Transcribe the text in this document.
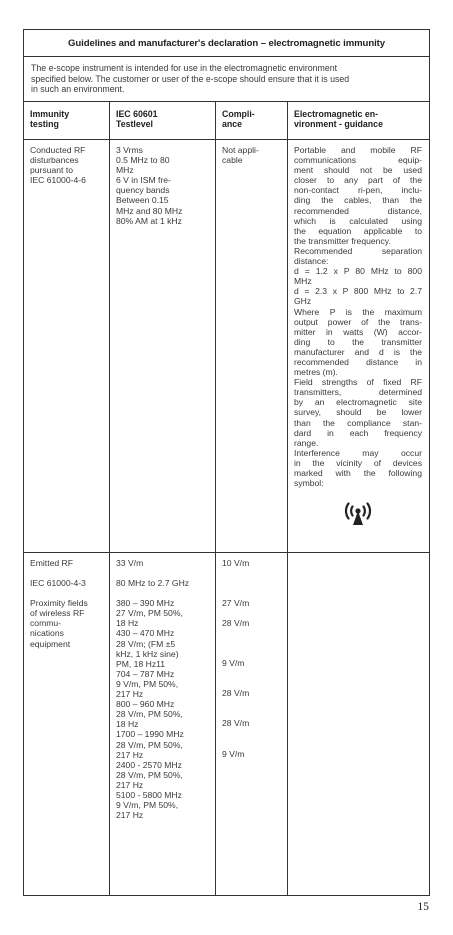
Guidelines and manufacturer's declaration – electromagnetic immunity
The e-scope instrument is intended for use in the electromagnetic environment
specified below. The customer or user of the e-scope should ensure that it is used
in such an environment.
Immunity
testing
IEC 60601
Testlevel
Compli-
ance
Electromagnetic en-
vironment - guidance
Conducted RF
disturbances
pursuant to
IEC 61000-4-6
3 Vrms
0.5 MHz to 80
MHz
6 V in ISM fre-
quency bands
Between 0.15
MHz and 80 MHz
80% AM at 1 kHz
Not appli-
cable
Portable and mobile RF
communications equip-
ment should not be used
closer to any part of the
non-contact ri-pen, inclu-
ding the cables, than the
recommended distance,
which is calculated using
the equation applicable to
the transmitter frequency.
Recommended separation
distance:
d = 1.2 x P 80 MHz to 800
MHz
d = 2.3 x P 800 MHz to 2.7
GHz
Where P is the maximum
output power of the trans-
mitter in watts (W) accor-
ding to the transmitter
manufacturer and d is the
recommended distance in
metres (m).
Field strengths of fixed RF
transmitters, determined
by an electromagnetic site
survey, should be lower
than the compliance stan-
dard in each frequency
range.
Interference may occur
in the vicinity of devices
marked with the following
symbol:
Emitted RF
IEC 61000-4-3
Proximity fields
of wireless RF
commu-
nications
equipment
33 V/m
80 MHz to 2.7 GHz
380 – 390 MHz
27 V/m, PM 50%,
18 Hz
430 – 470 MHz
28 V/m; (FM ±5
kHz, 1 kHz sine)
PM, 18 Hz11
704 – 787 MHz
9 V/m, PM 50%,
217 Hz
800 – 960 MHz
28 V/m, PM 50%,
18 Hz
1700 – 1990 MHz
28 V/m, PM 50%,
217 Hz
2400 - 2570 MHz
28 V/m, PM 50%,
217 Hz
5100 - 5800 MHz
9 V/m, PM 50%,
217 Hz
10 V/m
27 V/m
28 V/m
9 V/m
28 V/m
28 V/m
9 V/m
15
